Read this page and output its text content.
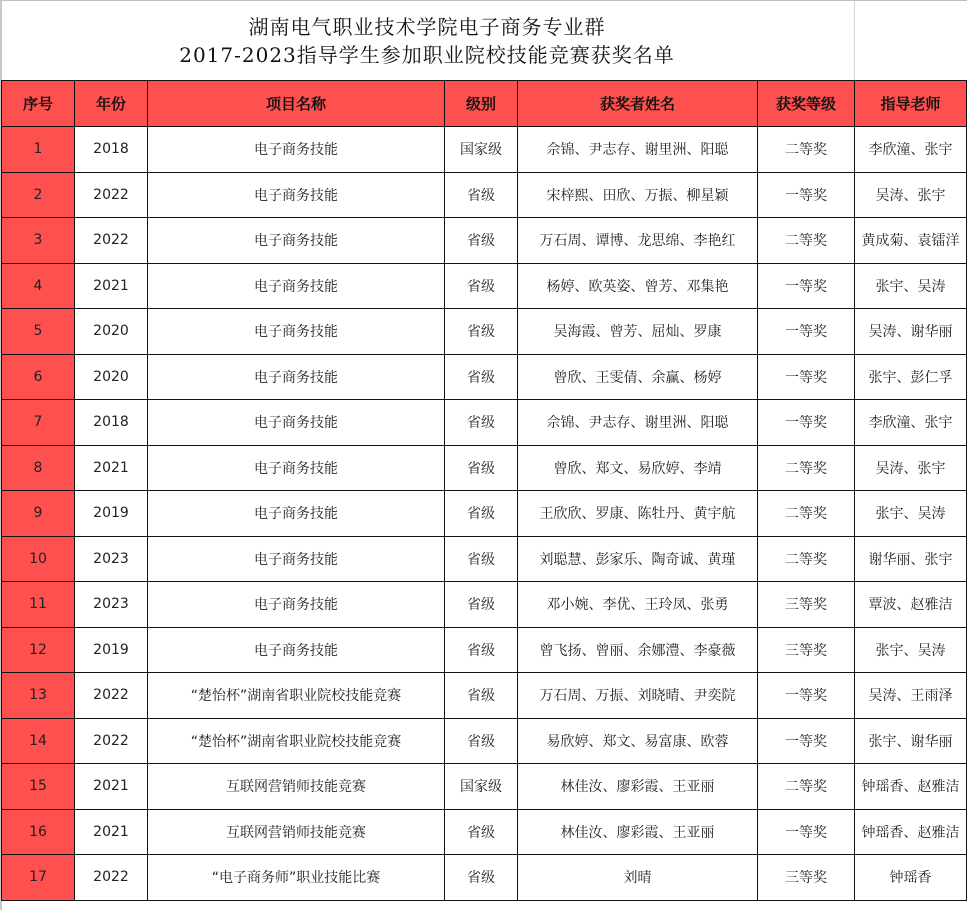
湖南电气职业技术学院电子商务专业群
2017-2023指导学生参加职业院校技能竞赛获奖名单
序号	年份	项目名称	级别	获奖者姓名	获奖等级	指导老师
1	2018	电子商务技能	国家级	佘锦、尹志存、谢里洲、阳聪	二等奖	李欣潼、张宇
2	2022	电子商务技能	省级	宋梓熙、田欣、万振、柳星颖	一等奖	吴涛、张宇
3	2022	电子商务技能	省级	万石周、谭博、龙思绵、李艳红	二等奖	黄成菊、袁镭洋
4	2021	电子商务技能	省级	杨婷、欧英姿、曾芳、邓集艳	一等奖	张宇、吴涛
5	2020	电子商务技能	省级	吴海霞、曾芳、屈灿、罗康	一等奖	吴涛、谢华丽
6	2020	电子商务技能	省级	曾欣、王雯倩、余赢、杨婷	一等奖	张宇、彭仁孚
7	2018	电子商务技能	省级	佘锦、尹志存、谢里洲、阳聪	一等奖	李欣潼、张宇
8	2021	电子商务技能	省级	曾欣、郑文、易欣婷、李靖	二等奖	吴涛、张宇
9	2019	电子商务技能	省级	王欣欣、罗康、陈牡丹、黄宇航	二等奖	张宇、吴涛
10	2023	电子商务技能	省级	刘聪慧、彭家乐、陶奇诚、黄瑾	二等奖	谢华丽、张宇
11	2023	电子商务技能	省级	邓小婉、李优、王玲凤、张勇	三等奖	覃波、赵雅洁
12	2019	电子商务技能	省级	曾飞扬、曾丽、余娜澧、李豪薇	三等奖	张宇、吴涛
13	2022	“楚怡杯”湖南省职业院校技能竞赛	省级	万石周、万振、刘晓晴、尹奕院	一等奖	吴涛、王雨泽
14	2022	“楚怡杯”湖南省职业院校技能竞赛	省级	易欣婷、郑文、易富康、欧蓉	一等奖	张宇、谢华丽
15	2021	互联网营销师技能竞赛	国家级	林佳汝、廖彩霞、王亚丽	二等奖	钟瑶香、赵雅洁
16	2021	互联网营销师技能竞赛	省级	林佳汝、廖彩霞、王亚丽	一等奖	钟瑶香、赵雅洁
17	2022	“电子商务师”职业技能比赛	省级	刘晴	三等奖	钟瑶香
